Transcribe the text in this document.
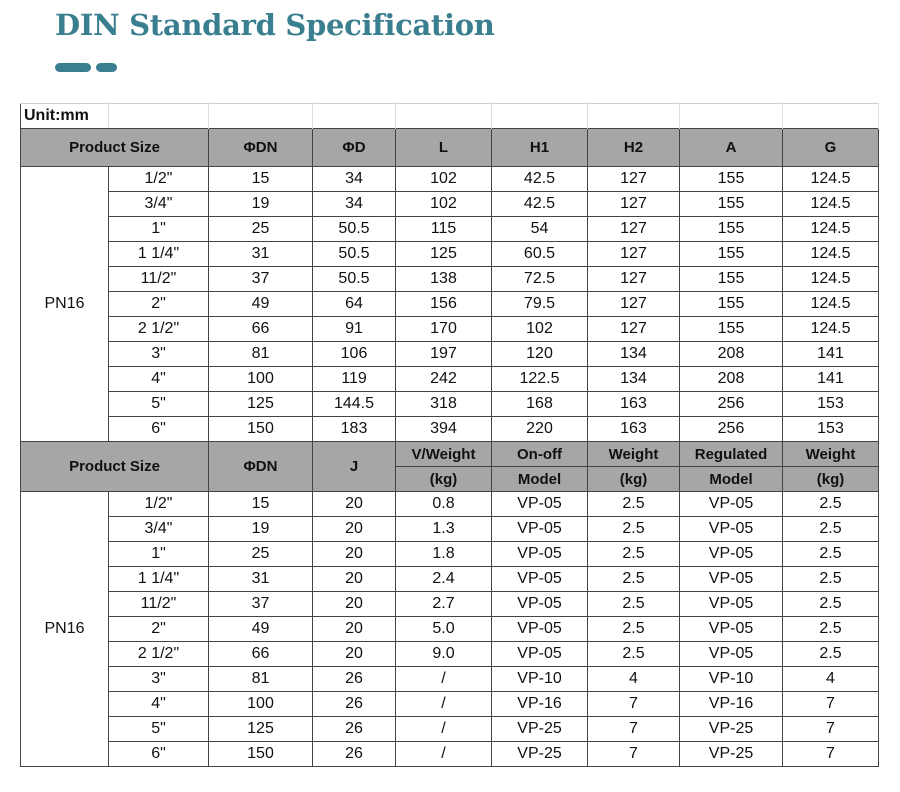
DIN Standard Specification
Unit:mm								
Product Size		ΦDN	ΦD	L	H1	H2	A	G
PN16	1/2"	15	34	102	42.5	127	155	124.5
	3/4"	19	34	102	42.5	127	155	124.5
	1"	25	50.5	115	54	127	155	124.5
	1 1/4"	31	50.5	125	60.5	127	155	124.5
	11/2"	37	50.5	138	72.5	127	155	124.5
	2"	49	64	156	79.5	127	155	124.5
	2 1/2"	66	91	170	102	127	155	124.5
	3"	81	106	197	120	134	208	141
	4"	100	119	242	122.5	134	208	141
	5"	125	144.5	318	168	163	256	153
	6"	150	183	394	220	163	256	153
Product Size		ΦDN	J	V/Weight	On-off	Weight	Regulated	Weight
				(kg)	Model	(kg)	Model	(kg)
PN16	1/2"	15	20	0.8	VP-05	2.5	VP-05	2.5
	3/4"	19	20	1.3	VP-05	2.5	VP-05	2.5
	1"	25	20	1.8	VP-05	2.5	VP-05	2.5
	1 1/4"	31	20	2.4	VP-05	2.5	VP-05	2.5
	11/2"	37	20	2.7	VP-05	2.5	VP-05	2.5
	2"	49	20	5.0	VP-05	2.5	VP-05	2.5
	2 1/2"	66	20	9.0	VP-05	2.5	VP-05	2.5
	3"	81	26	/	VP-10	4	VP-10	4
	4"	100	26	/	VP-16	7	VP-16	7
	5"	125	26	/	VP-25	7	VP-25	7
	6"	150	26	/	VP-25	7	VP-25	7
